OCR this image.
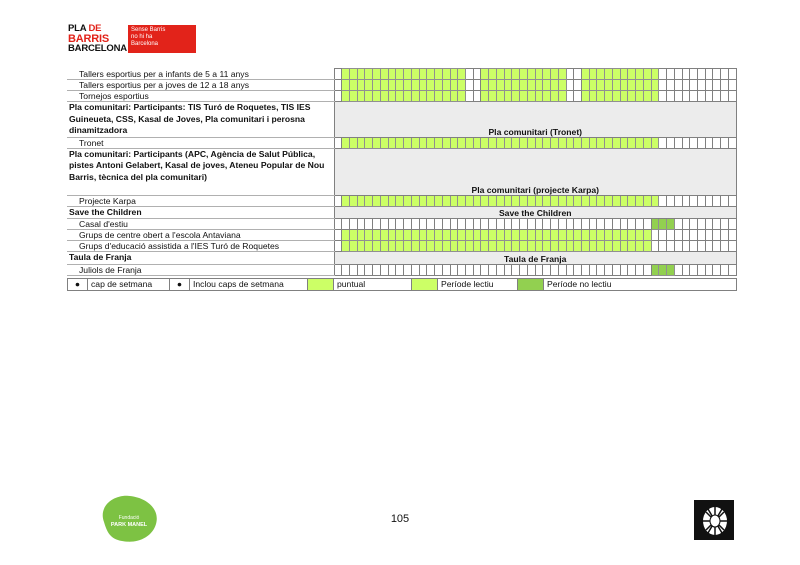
PLA DE
BARRIS
BARCELONA
Sense Barris
no hi ha
Barcelona
Tallers esportius per a infants de 5 a 11 anys																																																				
Tallers esportius per a joves de 12 a 18 anys																																																				
Tornejos esportius																																																				
Pla comunitari: Participants: TIS Turó de Roquetes, TIS IES Guineueta, CSS, Kasal de Joves, Pla comunitari i perosna dinamitzadora	Pla comunitari (Tronet)																																																			
Tronet																																																				
Pla comunitari: Participants (APC, Agència de Salut Pública, pistes Antoni Gelabert, Kasal de joves, Ateneu Popular de Nou Barris, tècnica del pla comunitari)	Pla comunitari (projecte Karpa)																																																			
Projecte Karpa																																																				
Save the Children	Save the Children																																																			
Casal d'estiu																																																				
Grups de centre obert a l'escola Antaviana																																																				
Grups d'educació assistida a l'IES Turó de Roquetes																																																				
Taula de Franja	Taula de Franja																																																			
Juliols de Franja																																																				
●	cap de setmana	●	Inclou caps de setmana		puntual		Període lectiu		Període no lectiu
Fundació
PARK MANEL	105
